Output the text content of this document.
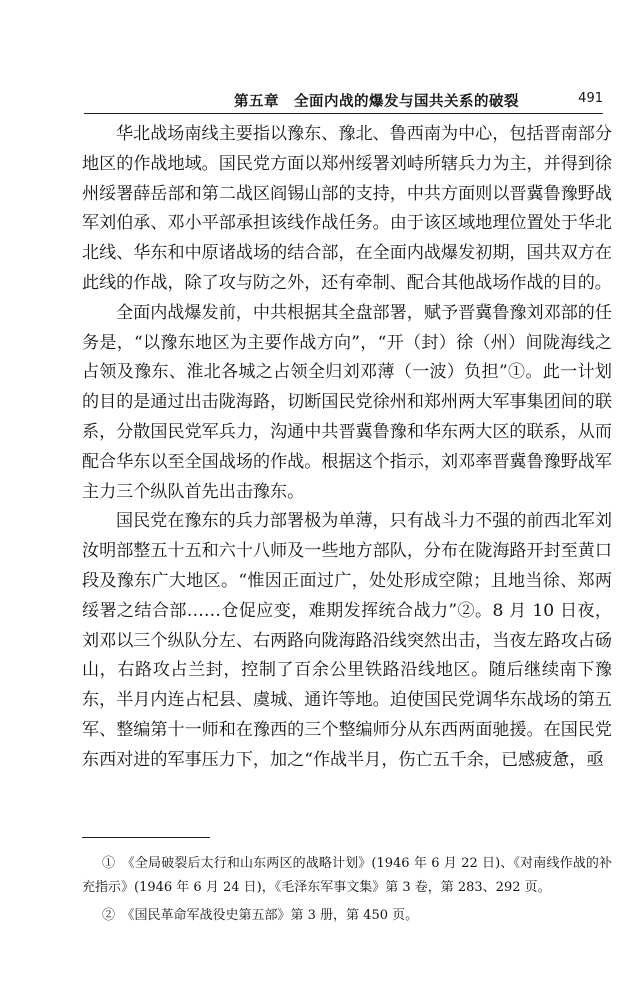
第五章　全面内战的爆发与国共关系的破裂	491

华北战场南线主要指以豫东、豫北、鲁西南为中心，包括晋南部分地区的作战地域。国民党方面以郑州绥署刘峙所辖兵力为主，并得到徐州绥署薛岳部和第二战区阎锡山部的支持，中共方面则以晋冀鲁豫野战军刘伯承、邓小平部承担该线作战任务。由于该区域地理位置处于华北北线、华东和中原诸战场的结合部，在全面内战爆发初期，国共双方在此线的作战，除了攻与防之外，还有牵制、配合其他战场作战的目的。

全面内战爆发前，中共根据其全盘部署，赋予晋冀鲁豫刘邓部的任务是，“以豫东地区为主要作战方向”，“开（封）徐（州）间陇海线之占领及豫东、淮北各城之占领全归刘邓薄（一波）负担”①。此一计划的目的是通过出击陇海路，切断国民党徐州和郑州两大军事集团间的联系，分散国民党军兵力，沟通中共晋冀鲁豫和华东两大区的联系，从而配合华东以至全国战场的作战。根据这个指示，刘邓率晋冀鲁豫野战军主力三个纵队首先出击豫东。

国民党在豫东的兵力部署极为单薄，只有战斗力不强的前西北军刘汝明部整五十五和六十八师及一些地方部队，分布在陇海路开封至黄口段及豫东广大地区。“惟因正面过广，处处形成空隙；且地当徐、郑两绥署之结合部……仓促应变，难期发挥统合战力”②。8 月 10 日夜，刘邓以三个纵队分左、右两路向陇海路沿线突然出击，当夜左路攻占砀山，右路攻占兰封，控制了百余公里铁路沿线地区。随后继续南下豫东，半月内连占杞县、虞城、通许等地。迫使国民党调华东战场的第五军、整编第十一师和在豫西的三个整编师分从东西两面驰援。在国民党东西对进的军事压力下，加之“作战半月，伤亡五千余，已感疲惫，亟

①　《全局破裂后太行和山东两区的战略计划》(1946 年 6 月 22 日)、《对南线作战的补充指示》(1946 年 6 月 24 日)，《毛泽东军事文集》第 3 卷，第 283、292 页。

②　《国民革命军战役史第五部》第 3 册，第 450 页。
